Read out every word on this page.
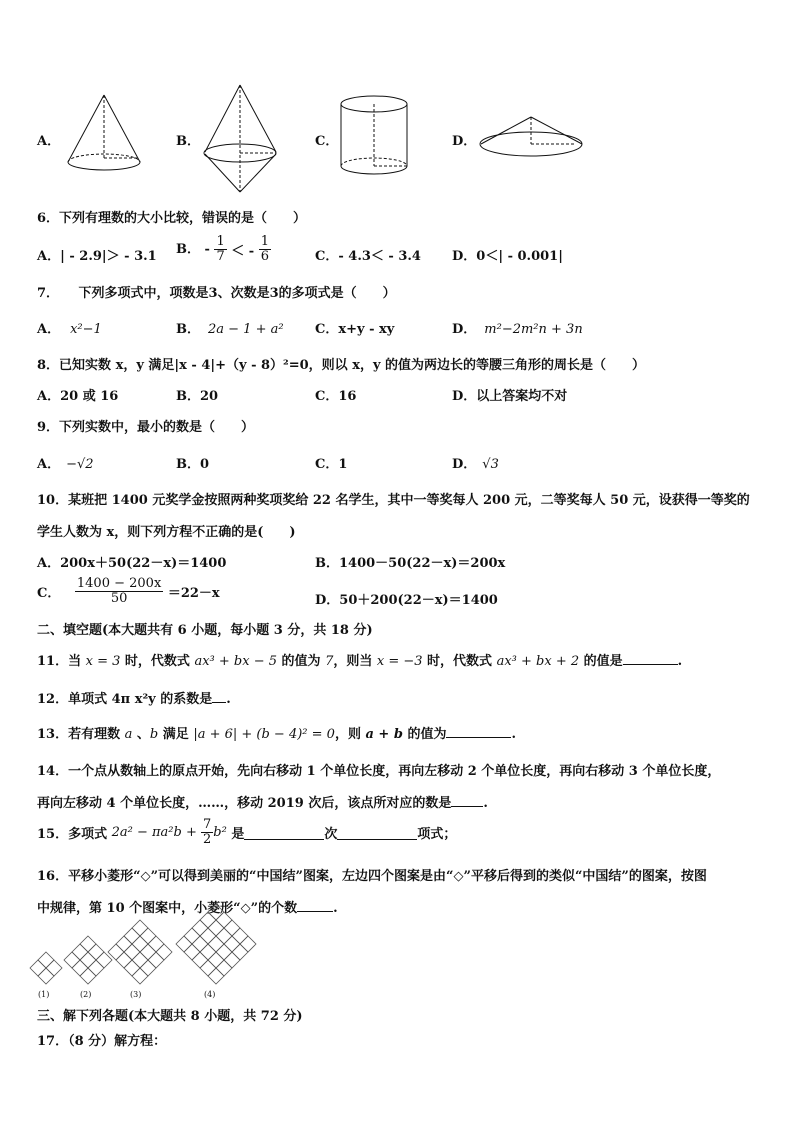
A．	B．	C．	D．
6．下列有理数的大小比较，错误的是（　　）
A．| - 2.9|＞ - 3.1 B． - $\frac{1}{7}$ ＜ - $\frac{1}{6}$	C．- 4.3＜ - 3.4 D．0＜| - 0.001|
7．　　下列多项式中，项数是3、次数是3的多项式是（　　）
A． x²−1	B． 2a − 1 + a² C．x+y - xy	D． m²−2m²n + 3n
8．已知实数 x，y 满足|x - 4|+（y - 8）²=0，则以 x，y 的值为两边长的等腰三角形的周长是（　　）
A．20 或 16	B．20	C．16	D．以上答案均不对
9．下列实数中，最小的数是（　　）
A． −√2	B．0	C．1	D． √3
10．某班把 1400 元奖学金按照两种奖项奖给 22 名学生，其中一等奖每人 200 元，二等奖每人 50 元，设获得一等奖的
学生人数为 x，则下列方程不正确的是(　　)
A．200x＋50(22－x)＝1400	B．1400－50(22－x)＝200x
C． $\frac{1400 - 200x}{50} =22-x$	D．50＋200(22－x)＝1400
二、填空题(本大题共有 6 小题，每小题 3 分，共 18 分)
11．当 x = 3 时，代数式 ax³ + bx − 5 的值为 7，则当 x = −3 时，代数式 ax³ + bx + 2 的值是	.
12．单项式 4π x²y 的系数是 .
13．若有理数 a 、b 满足 |a + 6| + (b − 4)² = 0，则 a + b 的值为	.
14．一个点从数轴上的原点开始，先向右移动 1 个单位长度，再向左移动 2 个单位长度，再向右移动 3 个单位长度，
再向左移动 4 个单位长度，……，移动 2019 次后，该点所对应的数是 .
15．多项式 $2a^2 - \pi a^2b + \frac{7}{2} b^2$ 是	次	项式；
16．平移小菱形“◇”可以得到美丽的“中国结”图案，左边四个图案是由“◇”平移后得到的类似“中国结”的图案，按图
中规律，第 10 个图案中，小菱形“◇”的个数	.
(1)	(2)	(3)	(4)
三、解下列各题(本大题共 8 小题，共 72 分)
17．（8 分）解方程：
